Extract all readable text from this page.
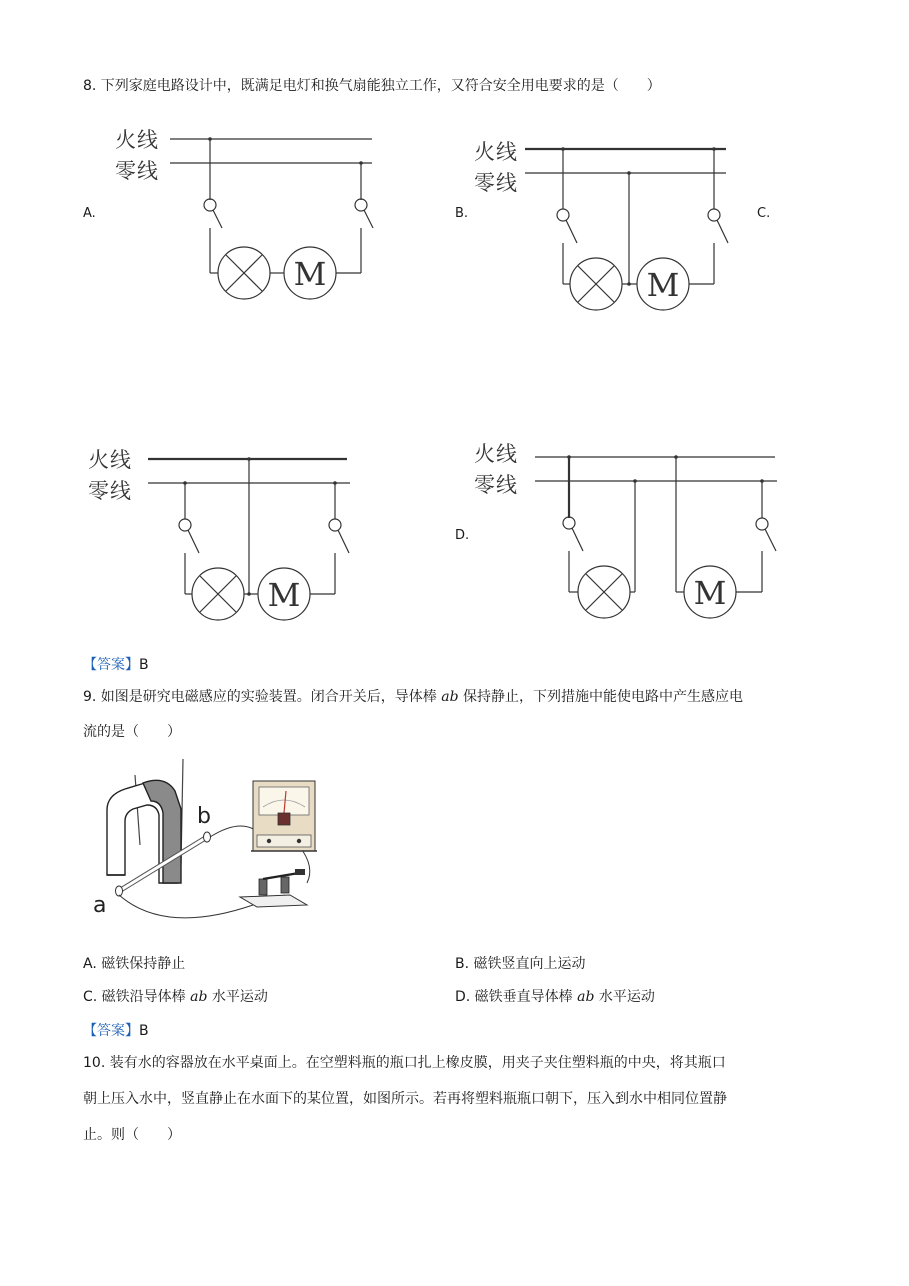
8. 下列家庭电路设计中，既满足电灯和换气扇能独立工作，又符合安全用电要求的是（　　）
A.	B.	C.
D.
火线
零线
M
火线
零线
M
火线
零线
M
火线
零线
M
【答案】B
9. 如图是研究电磁感应的实验装置。闭合开关后，导体棒 ab 保持静止，下列措施中能使电路中产生感应电
流的是（　　）
b
a
A. 磁铁保持静止	B. 磁铁竖直向上运动
C. 磁铁沿导体棒 ab 水平运动	D. 磁铁垂直导体棒 ab 水平运动
【答案】B
10. 装有水的容器放在水平桌面上。在空塑料瓶的瓶口扎上橡皮膜，用夹子夹住塑料瓶的中央，将其瓶口
朝上压入水中，竖直静止在水面下的某位置，如图所示。若再将塑料瓶瓶口朝下，压入到水中相同位置静
止。则（　　）
